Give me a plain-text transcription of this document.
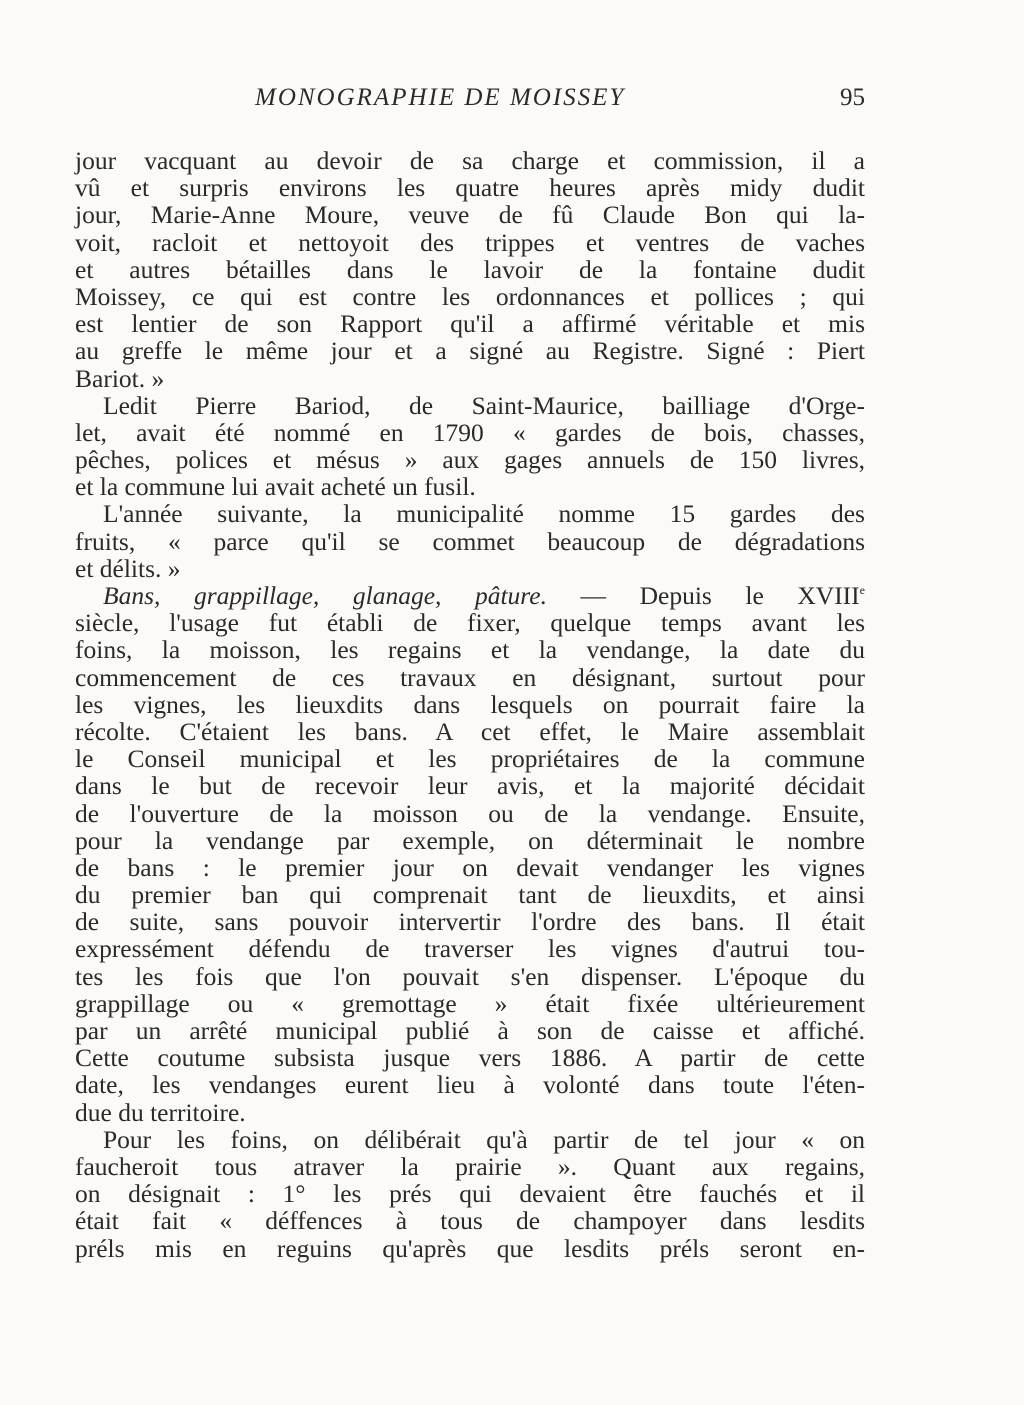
MONOGRAPHIE DE MOISSEY	95
jour vacquant au devoir de sa charge et commission, il a
vû et surpris environs les quatre heures après midy dudit
jour, Marie-Anne Moure, veuve de fû Claude Bon qui la-
voit, racloit et nettoyoit des trippes et ventres de vaches
et autres bétailles dans le lavoir de la fontaine dudit
Moissey, ce qui est contre les ordonnances et pollices ; qui
est lentier de son Rapport qu'il a affirmé véritable et mis
au greffe le même jour et a signé au Registre. Signé : Piert
Bariot. »
Ledit Pierre Bariod, de Saint-Maurice, bailliage d'Orge-
let, avait été nommé en 1790 « gardes de bois, chasses,
pêches, polices et mésus » aux gages annuels de 150 livres,
et la commune lui avait acheté un fusil.
L'année suivante, la municipalité nomme 15 gardes des
fruits, « parce qu'il se commet beaucoup de dégradations
et délits. »
Bans, grappillage, glanage, pâture. — Depuis le XVIIIe
siècle, l'usage fut établi de fixer, quelque temps avant les
foins, la moisson, les regains et la vendange, la date du
commencement de ces travaux en désignant, surtout pour
les vignes, les lieuxdits dans lesquels on pourrait faire la
récolte. C'étaient les bans. A cet effet, le Maire assemblait
le Conseil municipal et les propriétaires de la commune
dans le but de recevoir leur avis, et la majorité décidait
de l'ouverture de la moisson ou de la vendange. Ensuite,
pour la vendange par exemple, on déterminait le nombre
de bans : le premier jour on devait vendanger les vignes
du premier ban qui comprenait tant de lieuxdits, et ainsi
de suite, sans pouvoir intervertir l'ordre des bans. Il était
expressément défendu de traverser les vignes d'autrui tou-
tes les fois que l'on pouvait s'en dispenser. L'époque du
grappillage ou « gremottage » était fixée ultérieurement
par un arrêté municipal publié à son de caisse et affiché.
Cette coutume subsista jusque vers 1886. A partir de cette
date, les vendanges eurent lieu à volonté dans toute l'éten-
due du territoire.
Pour les foins, on délibérait qu'à partir de tel jour « on
faucheroit tous atraver la prairie ». Quant aux regains,
on désignait : 1° les prés qui devaient être fauchés et il
était fait « déffences à tous de champoyer dans lesdits
préls mis en reguins qu'après que lesdits préls seront en-
